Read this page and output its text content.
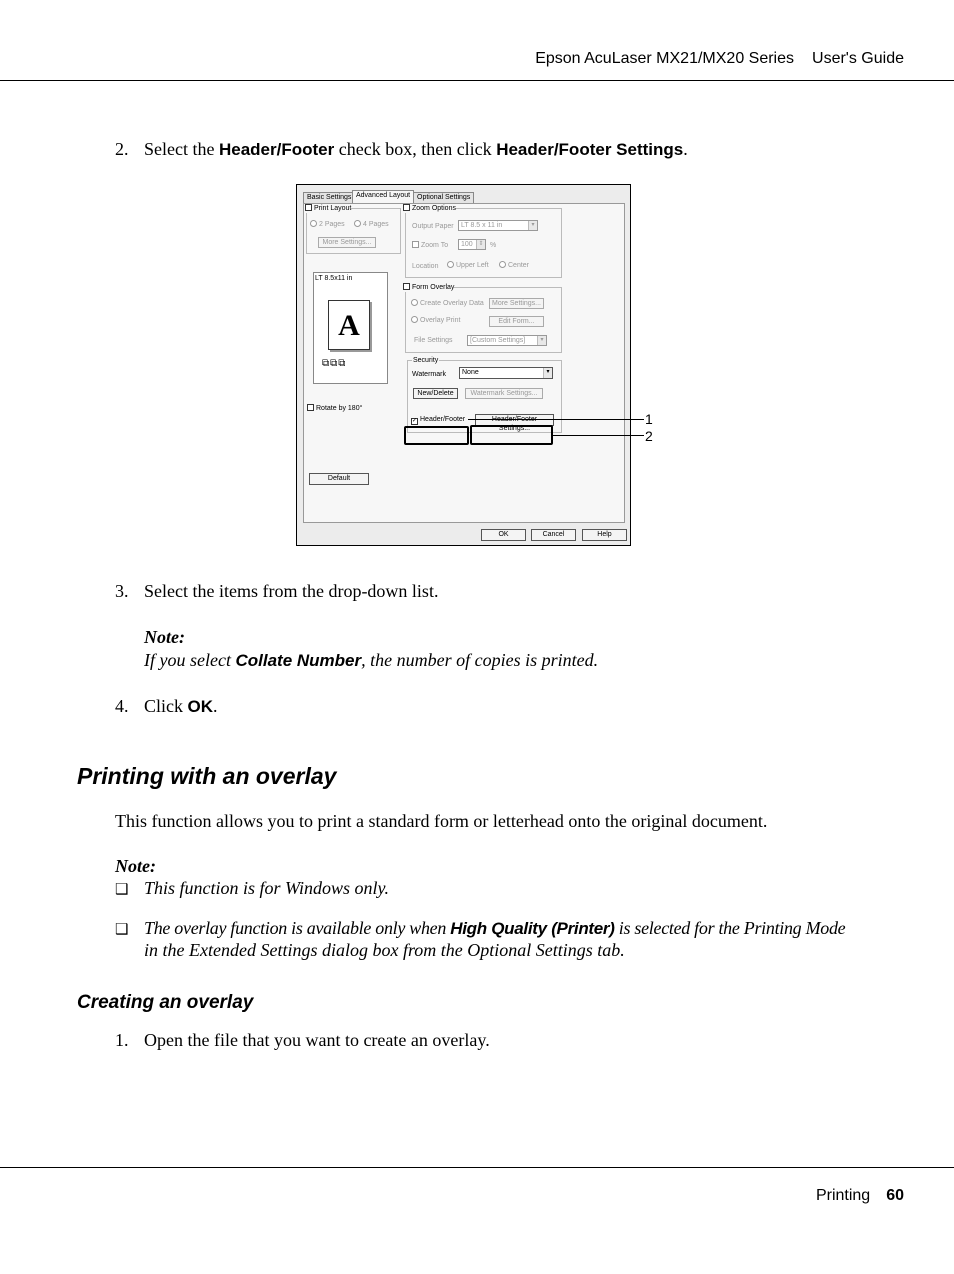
Epson AcuLaser MX21/MX20 Series User's Guide
2. Select the Header/Footer check box, then click Header/Footer Settings.
Basic Settings Advanced Layout Optional Settings
Print Layout
2 Pages	4 Pages
More Settings...
LT 8.5x11 in
A
⧉⧉⧉
Rotate by 180°
Default
Zoom Options
Output Paper	LT 8.5 x 11 in	▾
Zoom To	100 ⇕ %
Location	Upper Left	Center
Form Overlay
Create Overlay Data	More Settings...
Overlay Print	Edit Form...
File Settings	[Custom Settings]	▾
Security
Watermark	None	▾
New/Delete	Watermark Settings...
✓ Header/Footer
Settings...
OK	Cancel	Help
1
2
3. Select the items from the drop-down list.
Note:
If you select Collate Number, the number of copies is printed.
4. Click OK.
Printing with an overlay
This function allows you to print a standard form or letterhead onto the original document.
Note:
❑ This function is for Windows only.
❑ The overlay function is available only when High Quality (Printer) is selected for the Printing Mode
in the Extended Settings dialog box from the Optional Settings tab.
Creating an overlay
1. Open the file that you want to create an overlay.
Printing 60
